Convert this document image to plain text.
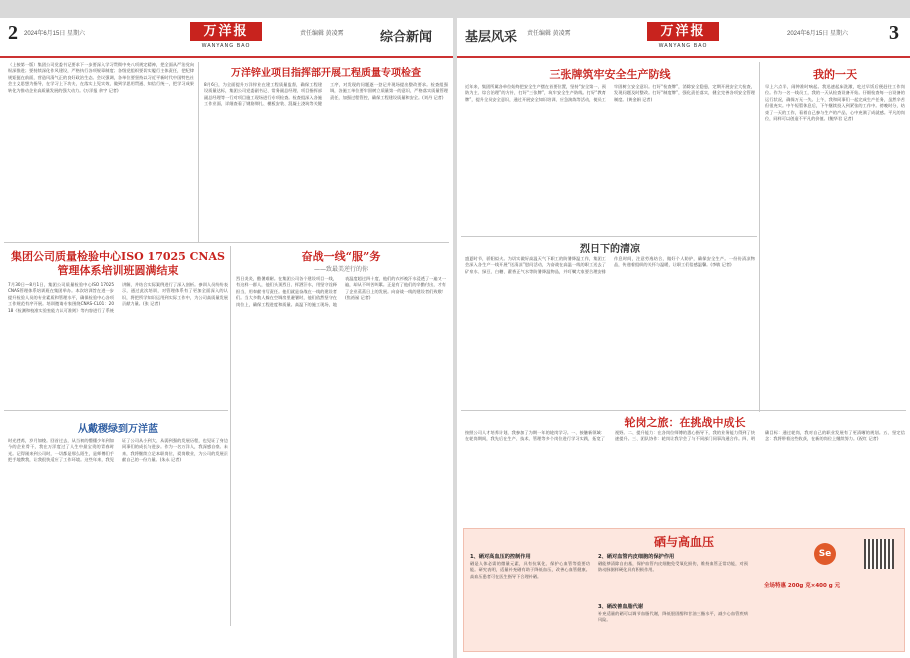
2 2024年6月15日 星期六	万洋报
WANYANG BAO
责任编辑 黄凌霄	综合新闻
（上接第一版）集团公司党委书记要求下一步要深入学习贯彻中央八项规定精神，把全面从严治党向纵深推进；要持续深化作风建设，严格执行各项规章制度；各级党组织要切实履行主体责任，把纪律规矩挺在前面，营造风清气正的良好政治生态。会议强调，各单位要坚持以习近平新时代中国特色社会主义思想为指导，在学习上下功夫，在落实上见实效，做到学思用贯通、知信行统一，把学习成果转化为推动企业高质量发展的强大动力。(万洋报 余宇 记者)
万洋锌业项目指挥部开展工程质量专项检查
8月6日，为全面提升万洋锌业在建工程质量监督，确保工程建设质量达标，集团公司党委副书记、常务副总经理、项目指挥部副总经理等一行对项目施工现场进行专项检查。检查组深入各施工作业面，详细查看了钢筋绑扎、模板安装、混凝土浇筑等关键工序，对发现的问题逐一登记并现场提出整改要求。检查组强调，各施工单位要牢固树立质量第一的意识，严格落实质量管理责任，加强过程管控，确保工程建设质量和安全。(刘丹 记者)
集团公司质量检验中心ISO 17025 CNAS管理体系培训班圆满结束
7月30日—8月1日，集团公司质量检验中心ISO 17025 CNAS管理体系培训班在集团举办。本次培训旨在进一步提升检验人员的专业素质和管理水平，确保检验中心各项工作规范有序开展。培训邀请专家围绕CNAS-CL01：2018《检测和校准实验室能力认可准则》等内容进行了系统讲解，并结合实际案例进行了深入剖析。参训人员纷纷表示，通过此次培训，对管理体系有了更加全面深入的认识，将把所学知识运用到实际工作中，为公司高质量发展贡献力量。(张 记者)
奋战一线“服”务
——致最美逆行的你
烈日炎炎，酷暑难耐。在集团公司各个建设项目一线，有这样一群人，他们头顶烈日、挥洒汗水，用坚守诠释担当，用奉献书写责任。他们就是奋战在一线的建设者们。当大多数人躲在空调房里避暑时，他们依然坚守在岗位上，确保工程进度和质量。高温下的施工现场，地表温度超过四十度，他们的衣衫被汗水浸透了一遍又一遍，却从不叫苦叫累。正是有了他们的辛勤付出，才有了企业蒸蒸日上的发展。向奋战一线的建设者们致敬！(焦裕禄 记者)
从戴稷绿到万洋蓝
时光荏苒，岁月如梭。回首过去，从当初的懵懂少年到如今的企业骨干，我在万洋度过了人生中最宝贵的青春时光。记得刚来到公司时，一切都是那么陌生，是师傅们手把手地教我，让我很快适应了工作环境。这些年来，我见证了公司从小到大、从弱到强的发展历程，也见证了身边同事们的成长与进步。作为一名万洋人，我深感自豪。未来，我将继续立足本职岗位，爱岗敬业，为公司的发展贡献自己的一份力量。(朱永 记者)
基层风采 责任编辑 黄凌霄	万洋报
WANYANG BAO
2024年6月15日 星期六 3
三张牌筑牢安全生产防线
近年来，集团所属各单位始终把安全生产摆在首要位置，坚持“安全第一、预防为主、综合治理”的方针，打好“三张牌”，筑牢安全生产防线。打好“教育牌”，提升全员安全意识，通过开展安全知识培训、应急演练等活动，使员工牢固树立安全意识。打好“检查牌”，消除安全隐患，定期开展安全大检查，发现问题及时整改。打好“制度牌”，强化责任落实，健全完善各项安全管理制度。(黄金娟 记者)
我的一天
早上六点半，闹钟准时响起。我迅速起床洗漱，吃过早饭后便赶往工作岗位。作为一名一线员工，我的一天从检查设备开始。仔细检查每一台设备的运行状况，确保万无一失。上午，我和同事们一起完成生产任务，虽然辛苦但很充实。中午短暂休息后，下午继续投入到紧张的工作中。傍晚时分，结束了一天的工作，看着自己参与生产的产品，心中充满了成就感。平凡的岗位，同样可以创造不平凡的价值。(鲍华君 记者)
烈日下的清凉
盛夏时节，骄阳似火。为切实做好高温天气下职工的防暑降温工作，集团工会深入各生产一线开展“送清凉”慰问活动，为奋战在高温一线的职工送去了矿泉水、绿豆、白糖、藿香正气水等防暑降温物品，并叮嘱大家要合理安排作息时间，注意劳逸结合，做好个人防护，确保安全生产。一份份清凉物品，传递着组织的关怀与温暖，让职工们倍感温馨。(李敏 记者)
轮岗之旅：在挑战中成长
按照公司人才培养计划，我参加了为期一年的轮岗学习。一、接触新领域：在轮岗期间，我先后在生产、技术、管理等多个岗位进行学习实践，拓宽了视野。二、提升能力：在各岗位师傅的悉心指导下，我的业务能力得到了快速提升。三、团队协作：轮岗让我学会了与不同部门同事沟通合作。四、明确目标：通过轮岗，我对自己的职业发展有了更清晰的规划。五、坚定信念：我将带着这些收获，在新的岗位上继续努力。(祝红 记者)
硒与高血压
1、硒对高血压的控制作用
硒是人体必需的微量元素，具有抗氧化、保护心血管等重要功能。研究表明，适量补充硒有助于降低血压，改善心血管健康。高血压患者可在医生指导下合理补硒。
2、硒对血管内皮细胞的保护作用
硒能够清除自由基，保护血管内皮细胞免受氧化损伤，维持血管正常功能，对预防动脉粥样硬化具有积极作用。
3、硒改善血脂代谢
补充适量的硒可以调节血脂代谢，降低胆固醇和甘油三酯水平，减少心血管疾病风险。
Se
全场特惠 200g 克×400 g 元
